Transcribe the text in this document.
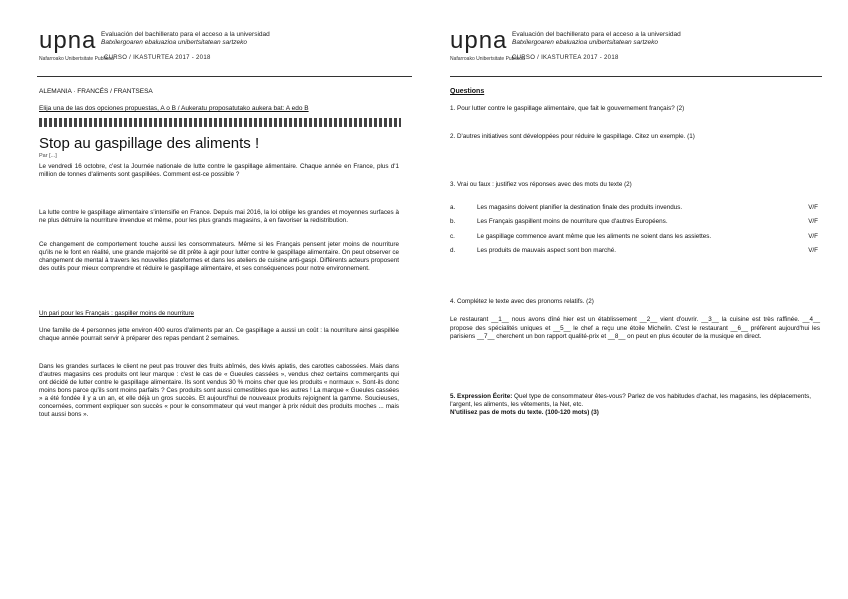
upna Evaluación del bachillerato para el acceso a la universidad
Batxilergoaren ebaluazioa unibertsitatean sartzeko
Nafarroako Unibertsitate Publikoa
CURSO / IKASTURTEA 2017 - 2018
ALEMANIA · FRANCÉS / FRANTSESA
Elija una de las dos opciones propuestas, A o B / Aukeratu proposatutako aukera bat: A edo B
Stop au gaspillage des aliments !
Par [...]

Le vendredi 16 octobre, c'est la Journée nationale de lutte contre le gaspillage alimentaire. Chaque année en France, plus d'1 million de tonnes d'aliments sont gaspillées. Comment est-ce possible ?

La lutte contre le gaspillage alimentaire s'intensifie en France. Depuis mai 2016, la loi oblige les grandes et moyennes surfaces à ne plus détruire la nourriture invendue et même, pour les plus grands magasins, à en favoriser la redistribution.

Ce changement de comportement touche aussi les consommateurs. Même si les Français pensent jeter moins de nourriture qu'ils ne le font en réalité, une grande majorité se dit prête à agir pour lutter contre le gaspillage alimentaire. On peut observer ce changement de mental à travers les nouvelles plateformes et dans les ateliers de cuisine anti-gaspi. Différents acteurs proposent des outils pour mieux comprendre et réduire le gaspillage alimentaire, et ses conséquences pour notre environnement.

Un pari pour les Français : gaspiller moins de nourriture

Une famille de 4 personnes jette environ 400 euros d'aliments par an. Ce gaspillage a aussi un coût : la nourriture ainsi gaspillée chaque année pourrait servir à préparer des repas pendant 2 semaines.

Dans les grandes surfaces le client ne peut pas trouver des fruits abîmés, des kiwis aplatis, des carottes cabossées. Mais dans d'autres magasins ces produits ont leur marque : c'est le cas de « Gueules cassées », vendus chez certains commerçants qui ont décidé de lutter contre le gaspillage alimentaire. Ils sont vendus 30 % moins cher que les produits « normaux ». Sont-ils donc moins bons parce qu'ils sont moins parfaits ? Ces produits sont aussi comestibles que les autres ! La marque « Gueules cassées » a été fondée il y a un an, et elle déjà un gros succès. Et aujourd'hui de nouveaux produits rejoignent la gamme. Soucieuses, concernées, comment expliquer son succès « pour le consommateur qui veut manger à prix réduit des produits moches ... mais tout aussi bons ».

upna Evaluación del bachillerato para el acceso a la universidad
Batxilergoaren ebaluazioa unibertsitatean sartzeko
Nafarroako Unibertsitate Publikoa
CURSO / IKASTURTEA 2017 - 2018
Questions

1. Pour lutter contre le gaspillage alimentaire, que fait le gouvernement français? (2)

2. D'autres initiatives sont développées pour réduire le gaspillage. Citez un exemple. (1)

3. Vrai ou faux : justifiez vos réponses avec des mots du texte (2)

a.	Les magasins doivent planifier la destination finale des produits invendus.	V/F
b.	Les Français gaspillent moins de nourriture que d'autres Européens.	V/F
c.	Le gaspillage commence avant même que les aliments ne soient dans les assiettes.	V/F
d.	Les produits de mauvais aspect sont bon marché.	V/F

4. Complétez le texte avec des pronoms relatifs. (2)

Le restaurant __1__ nous avons dîné hier est un établissement __2__ vient d'ouvrir. __3__ la cuisine est très raffinée. __4__ propose des spécialités uniques et __5__ le chef a reçu une étoile Michelin. C'est le restaurant __6__ préfèrent aujourd'hui les parisiens __7__ cherchent un bon rapport qualité-prix et __8__ on peut en plus écouter de la musique en direct.

5. Expression Écrite: Quel type de consommateur êtes-vous? Parlez de vos habitudes d'achat, les magasins, les déplacements, l'argent, les aliments, les vêtements, la Net, etc.
N'utilisez pas de mots du texte. (100-120 mots) (3)
